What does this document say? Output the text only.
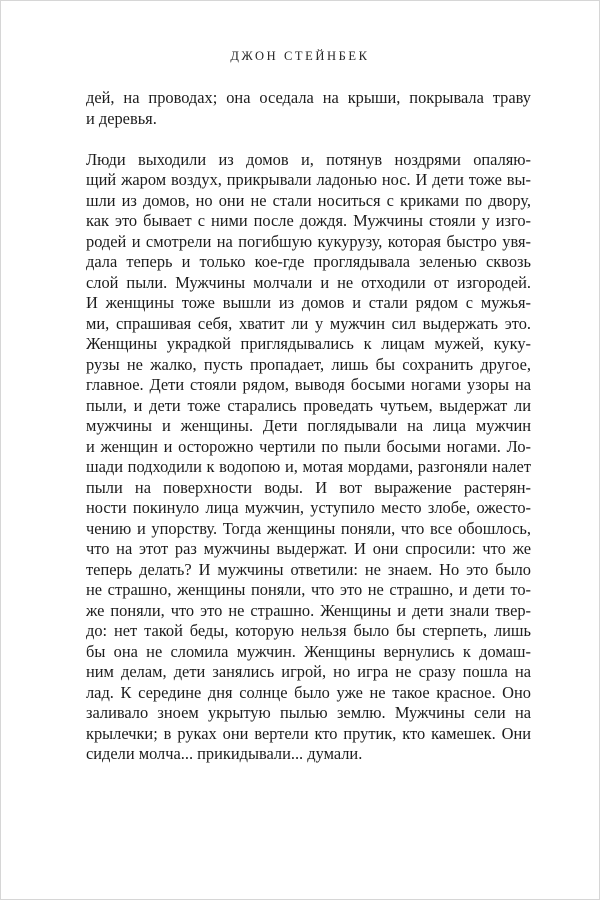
ДЖОН СТЕЙНБЕК
дей, на проводах; она оседала на крыши, покрывала траву
и деревья.
Люди выходили из домов и, потянув ноздрями опаляю-
щий жаром воздух, прикрывали ладонью нос. И дети тоже вы-
шли из домов, но они не стали носиться с криками по двору,
как это бывает с ними после дождя. Мужчины стояли у изго-
родей и смотрели на погибшую кукурузу, которая быстро увя-
дала теперь и только кое-где проглядывала зеленью сквозь
слой пыли. Мужчины молчали и не отходили от изгородей.
И женщины тоже вышли из домов и стали рядом с мужья-
ми, спрашивая себя, хватит ли у мужчин сил выдержать это.
Женщины украдкой приглядывались к лицам мужей, куку-
рузы не жалко, пусть пропадает, лишь бы сохранить другое,
главное. Дети стояли рядом, выводя босыми ногами узоры на
пыли, и дети тоже старались проведать чутьем, выдержат ли
мужчины и женщины. Дети поглядывали на лица мужчин
и женщин и осторожно чертили по пыли босыми ногами. Ло-
шади подходили к водопою и, мотая мордами, разгоняли налет
пыли на поверхности воды. И вот выражение растерян-
ности покинуло лица мужчин, уступило место злобе, ожесто-
чению и упорству. Тогда женщины поняли, что все обошлось,
что на этот раз мужчины выдержат. И они спросили: что же
теперь делать? И мужчины ответили: не знаем. Но это было
не страшно, женщины поняли, что это не страшно, и дети то-
же поняли, что это не страшно. Женщины и дети знали твер-
до: нет такой беды, которую нельзя было бы стерпеть, лишь
бы она не сломила мужчин. Женщины вернулись к домаш-
ним делам, дети занялись игрой, но игра не сразу пошла на
лад. К середине дня солнце было уже не такое красное. Оно
заливало зноем укрытую пылью землю. Мужчины сели на
крылечки; в руках они вертели кто прутик, кто камешек. Они
сидели молча... прикидывали... думали.
